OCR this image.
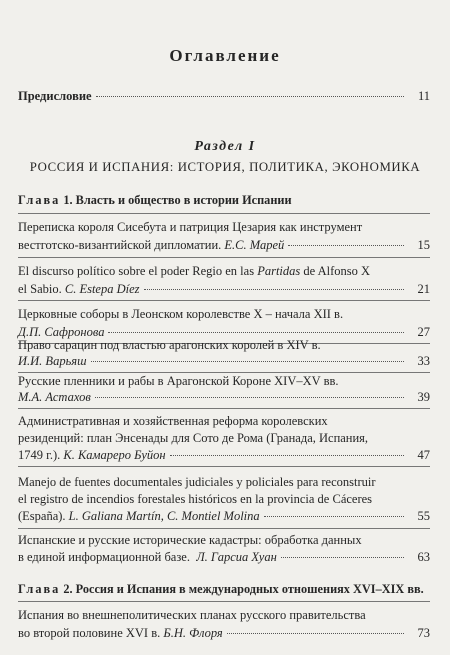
Оглавление
Предисловие	11
Раздел I
РОССИЯ И ИСПАНИЯ: ИСТОРИЯ, ПОЛИТИКА, ЭКОНОМИКА
Глава 1. Власть и общество в истории Испании
Переписка короля Сисебута и патриция Цезария как инструмент
вестготско-византийской дипломатии. Е.С. Марей	15
El discurso político sobre el poder Regio en las Partidas de Alfonso X
el Sabio. C. Estepa Díez	21
Церковные соборы в Леонском королевстве X – начала XII в.
Д.П. Сафронова	27
Право сарацин под властью арагонских королей в XIV в.
И.И. Варьяш	33
Русские пленники и рабы в Арагонской Короне XIV–XV вв.
М.А. Астахов	39
Административная и хозяйственная реформа королевских
резиденций: план Энсенады для Сото де Рома (Гранада, Испания,
1749 г.). К. Камареро Буйон	47
Manejo de fuentes documentales judiciales y policiales para reconstruir
el registro de incendios forestales históricos en la provincia de Cáceres
(España). L. Galiana Martín, C. Montiel Molina	55
Испанские и русские исторические кадастры: обработка данных
в единой информационной базе. Л. Гарсиа Хуан	63
Глава 2. Россия и Испания в международных отношениях XVI–XIX вв.
Испания во внешнеполитических планах русского правительства
во второй половине XVI в. Б.Н. Флоря	73
